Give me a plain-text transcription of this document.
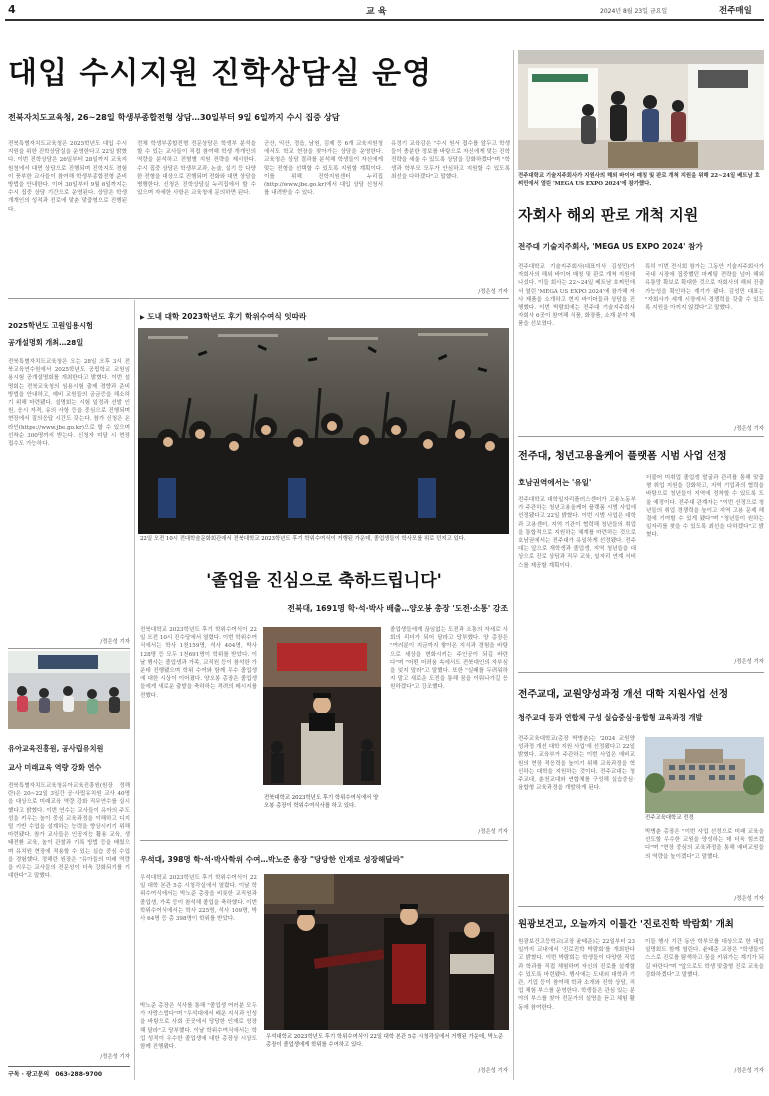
4	교 육	2024년 8월 23일 금요일	전주매일
대입 수시지원 진학상담실 운영
전북자치도교육청, 26~28일 학생부종합전형 상담…30일부터 9일 6일까지 수시 집중 상담
전북특별자치도교육청은 2025학년도 대입 수시 지원을 위한 진학상담실을 운영한다고 22일 밝혔다. 이번 진학상담은 26일부터 28일까지 교육지원청에서 대면 상담으로 진행되며 진학지도 경험이 풍부한 교사들이 참여해 학생부종합전형 준비 방법을 안내한다. 이어 30일부터 9월 6일까지는 수시 집중 상담 기간으로 운영된다. 상담은 학생 개개인의 성적과 진로에 맞춘 맞춤형으로 진행된다.
전체 학생부종합전형 전문상담은 학생부 분석을 할 수 있는 교사들이 직접 참여해 학생 개개인의 역량을 분석하고 전형별 지원 전략을 제시한다. 수시 집중 상담은 학생부교과, 논술, 실기 등 다양한 전형을 대상으로 진행되며 전화와 대면 상담을 병행한다. 신청은 진학상담실 누리집에서 할 수 있으며 자세한 사항은 교육청에 문의하면 된다.
군산, 익산, 정읍, 남원, 김제 등 6개 교육지원청에서도 학교 현장을 찾아가는 상담을 운영한다. 교육청은 상담 결과를 분석해 학생들이 자신에게 맞는 전형을 선택할 수 있도록 지원할 계획이다. 이를 위해 진학지원센터 누리집(http://www.jbe.go.kr)에서 대입 상담 신청서를 내려받을 수 있다.
유정기 교육감은 "수시 원서 접수를 앞두고 학생들이 충분한 정보를 바탕으로 자신에게 맞는 진학 전략을 세울 수 있도록 상담을 강화하겠다"며 "학생과 학부모 모두가 안심하고 지원할 수 있도록 최선을 다하겠다"고 말했다.
/정은성 기자
전주대학교 기술지주회사가 지원사의 해외 바이어 매칭 및 판로 개척 지원을 위해 22~24일 베트남 호찌민에서 열린 'MEGA US EXPO 2024'에 참가했다.
자회사 해외 판로 개척 지원
전주대 기술지주회사, 'MEGA US EXPO 2024' 참가
전주대학교 기술지주회사(대표이사 김성민)가 자회사의 해외 바이어 매칭 및 판로 개척 지원에 나섰다. 이들 회사는 22~24일 베트남 호찌민에서 열린 'MEGA US EXPO 2024'에 참가해 자사 제품을 소개하고 현지 바이어들과 상담을 진행했다. 이번 박람회에는 전주대 기술지주회사 자회사 6곳이 참여해 식품, 화장품, 소재 분야 제품을 선보였다.
특히 이번 전시회 참가는 그동안 기술지주회사가 국내 시장에 집중했던 마케팅 전략을 넘어 해외 유통망 확보로 확대한 것으로 자회사의 해외 진출 가능성을 확인하는 계기가 됐다. 김성민 대표는 "자회사가 세계 시장에서 경쟁력을 갖출 수 있도록 지원을 아끼지 않겠다"고 말했다.
/정은성 기자
2025학년도 고원임용시험
공개설명회 개최…28일
전북특별자치도교육청은 오는 28일 오후 3시 전북교육연수원에서 2025학년도 공립학교 교원임용시험 공개설명회를 개최한다고 밝혔다. 이번 설명회는 전북교육청의 임용시험 출제 경향과 준비 방법을 안내하고, 예비 교원들의 궁금증을 해소하기 위해 마련됐다. 설명회는 시험 일정과 선발 인원, 응시 자격, 유의 사항 등을 중심으로 진행되며 현장에서 질의응답 시간도 갖는다. 참가 신청은 온라인(https://www.jbe.go.kr)으로 할 수 있으며 선착순 300명까지 받는다. 신청자 미달 시 현장 접수도 가능하다.
/정은성 기자
유아교육진흥원, 공사립유치원
교사 미래교육 역량 강화 연수
전북특별자치도교육청유아교육진흥원(원장 정해란)은 20~22일 3일간 공·사립유치원 교사 40명을 대상으로 미래교육 역량 강화 직무연수를 실시했다고 밝혔다. 이번 연수는 교사들이 유아의 주도성을 키우는 놀이 중심 교육과정을 이해하고 디지털 기반 수업을 설계하는 능력을 향상시키기 위해 마련됐다. 참가 교사들은 인공지능 활용 교육, 생태전환 교육, 놀이 관찰과 기록 방법 등을 배웠으며 유치원 현장에 적용할 수 있는 실습 중심 수업을 경험했다. 정해란 원장은 "유아들의 미래 역량을 키우는 교사들의 전문성이 더욱 강화되기를 기대한다"고 말했다.
/정은성 기자
구독 · 광고문의 063-288-9700
▶ 도내 대학 2023학년도 후기 학위수여식 잇따라
22일 오전 10시 전대학술문화회관에서 전북대학교 2023학년도 후기 학위수여식이 거행된 가운데, 졸업생들이 학사모를 위로 던지고 있다.
'졸업을 진심으로 축하드립니다'
전북대, 1691명 학·석·박사 배출…양오봉 총장 '도전·소통' 강조
전북대학교 2023학년도 후기 학위수여식이 22일 오전 10시 진수당에서 열렸다. 이번 학위수여식에서는 학사 1천159명, 석사 404명, 박사 128명 등 모두 1천691명이 학위를 받았다. 이날 행사는 졸업생과 가족, 교직원 등이 참석한 가운데 진행됐으며 학위 수여와 함께 우수 졸업생에 대한 시상이 이어졌다. 양오봉 총장은 졸업생들에게 새로운 출발을 축하하는 격려의 메시지를 전했다.
전북대학교 2023학년도 후기 학위수여식에서 양오봉 총장이 학위수여식사를 하고 있다.
졸업생들에게 끊임없는 도전과 소통의 자세로 사회의 리더가 되어 달라고 당부했다. 양 총장은 "여러분이 지금까지 쌓아온 지식과 경험을 바탕으로 세상을 변화시키는 주인공이 되길 바란다"며 "어떤 어려움 속에서도 전북대인의 자부심을 잊지 말라"고 말했다. 또한 "실패를 두려워하지 말고 새로운 도전을 통해 꿈을 이뤄나가길 응원하겠다"고 강조했다.
/정은성 기자
우석대, 398명 학·석·박사학위 수여…박노준 총장 "당당한 인재로 성장해달라"
우석대학교 2023학년도 후기 학위수여식이 22일 대학 본관 5층 시청각실에서 열렸다. 이날 학위수여식에서는 박노준 총장을 비롯한 교직원과 졸업생, 가족 등이 참석해 졸업을 축하했다. 이번 학위수여식에서는 학사 225명, 석사 109명, 박사 64명 등 총 398명이 학위를 받았다.
박노준 총장은 식사를 통해 "졸업생 여러분 모두가 자랑스럽다"며 "우석대에서 배운 지식과 인성을 바탕으로 사회 곳곳에서 당당한 인재로 성장해 달라"고 당부했다. 이날 학위수여식에서는 학업 성적이 우수한 졸업생에 대한 총장상 시상도 함께 진행됐다.
우석대학교 2023학년도 후기 학위수여식이 22일 대학 본관 5층 시청각실에서 거행된 가운데, 박노준 총장이 졸업생에게 학위를 수여하고 있다.
/정은성 기자
전주대, 청년고용올케어 플랫폼 시범 사업 선정
호남권역에서는 '유일'
전주대학교 대학일자리플러스센터가 고용노동부가 주관하는 청년고용올케어 플랫폼 시범 사업에 선정됐다고 22일 밝혔다. 이번 시범 사업은 대학과 고용센터, 지역 기관이 협력해 청년들의 취업을 통합적으로 지원하는 체계를 마련하는 것으로 호남권에서는 전주대가 유일하게 선정됐다. 전주대는 앞으로 재학생과 졸업생, 지역 청년들을 대상으로 진로 상담과 직무 교육, 일자리 연계 서비스를 제공할 계획이다.
더불어 미취업 졸업생 발굴과 관리를 통해 맞춤형 취업 지원을 강화하고, 지역 기업과의 협력을 바탕으로 청년들이 지역에 정착할 수 있도록 도울 예정이다. 전주대 관계자는 "이번 선정으로 청년들의 취업 경쟁력을 높이고 지역 고용 문제 해결에 기여할 수 있게 됐다"며 "청년들이 원하는 일자리를 찾을 수 있도록 최선을 다하겠다"고 밝혔다.
/정은성 기자
전주교대, 교원양성과정 개선 대학 지원사업 선정
청주교대 등과 연합체 구성 실습중심·융합형 교육과정 개발
전주교육대학교(총장 박병춘)는 '2024 교원양성과정 개선 대학 지원 사업'에 선정됐다고 22일 밝혔다. 교육부가 주관하는 이번 사업은 예비교원의 현장 적응력을 높이기 위해 교육과정을 혁신하는 대학을 지원하는 것이다. 전주교대는 청주교대, 춘천교대와 연합체를 구성해 실습중심·융합형 교육과정을 개발하게 된다.
전주교육대학교 전경
박병춘 총장은 "이번 사업 선정으로 미래 교육을 선도할 우수한 교원을 양성하는 데 더욱 힘쓰겠다"며 "현장 중심의 교육과정을 통해 예비교원들의 역량을 높이겠다"고 말했다.
/정은성 기자
원광보건고, 오늘까지 이틀간 '진로진학 박람회' 개최
원광보건고등학교(교장 윤태준)는 22일부터 23일까지 교내에서 '진로진학 박람회'를 개최한다고 밝혔다. 이번 박람회는 학생들이 다양한 직업과 학과를 직접 체험하며 자신의 진로를 설계할 수 있도록 마련됐다. 행사에는 도내외 대학과 기관, 기업 등이 참여해 학과 소개와 진학 상담, 직업 체험 부스를 운영한다. 학생들은 관심 있는 분야의 부스를 찾아 전문가의 설명을 듣고 체험 활동에 참여한다.
이들 행사 기간 동안 학부모를 대상으로 한 대입 설명회도 함께 열린다. 윤태준 교장은 "학생들이 스스로 진로를 탐색하고 꿈을 키워가는 계기가 되길 바란다"며 "앞으로도 학생 맞춤형 진로 교육을 강화하겠다"고 말했다.
/정은성 기자
